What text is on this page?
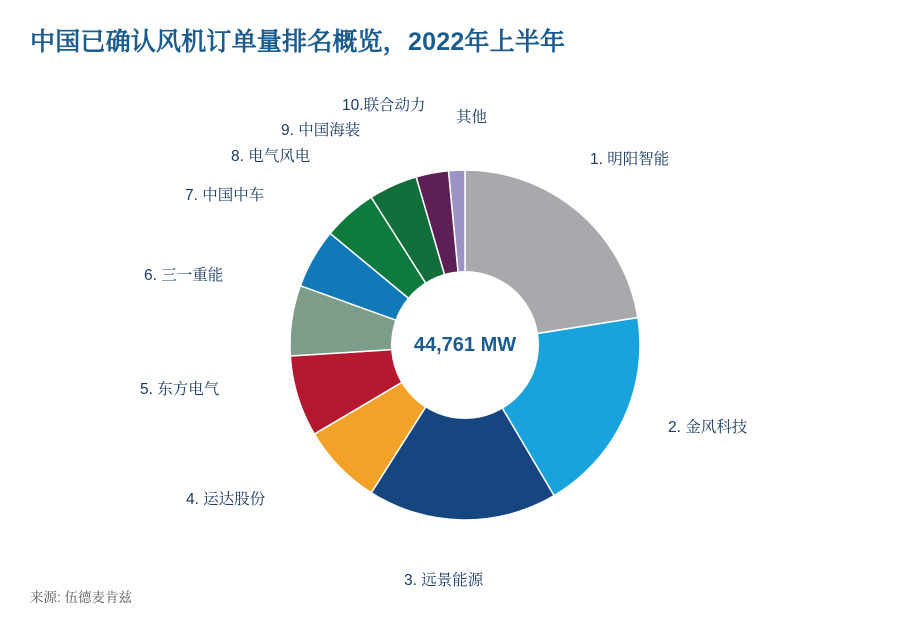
中国已确认风机订单量排名概览，2022年上半年
44,761 MW
1. 明阳智能
2. 金风科技
3. 远景能源
4. 运达股份
5. 东方电气
6. 三一重能
7. 中国中车
8. 电气风电
9. 中国海装
10.联合动力
其他
来源: 伍德麦肯兹
